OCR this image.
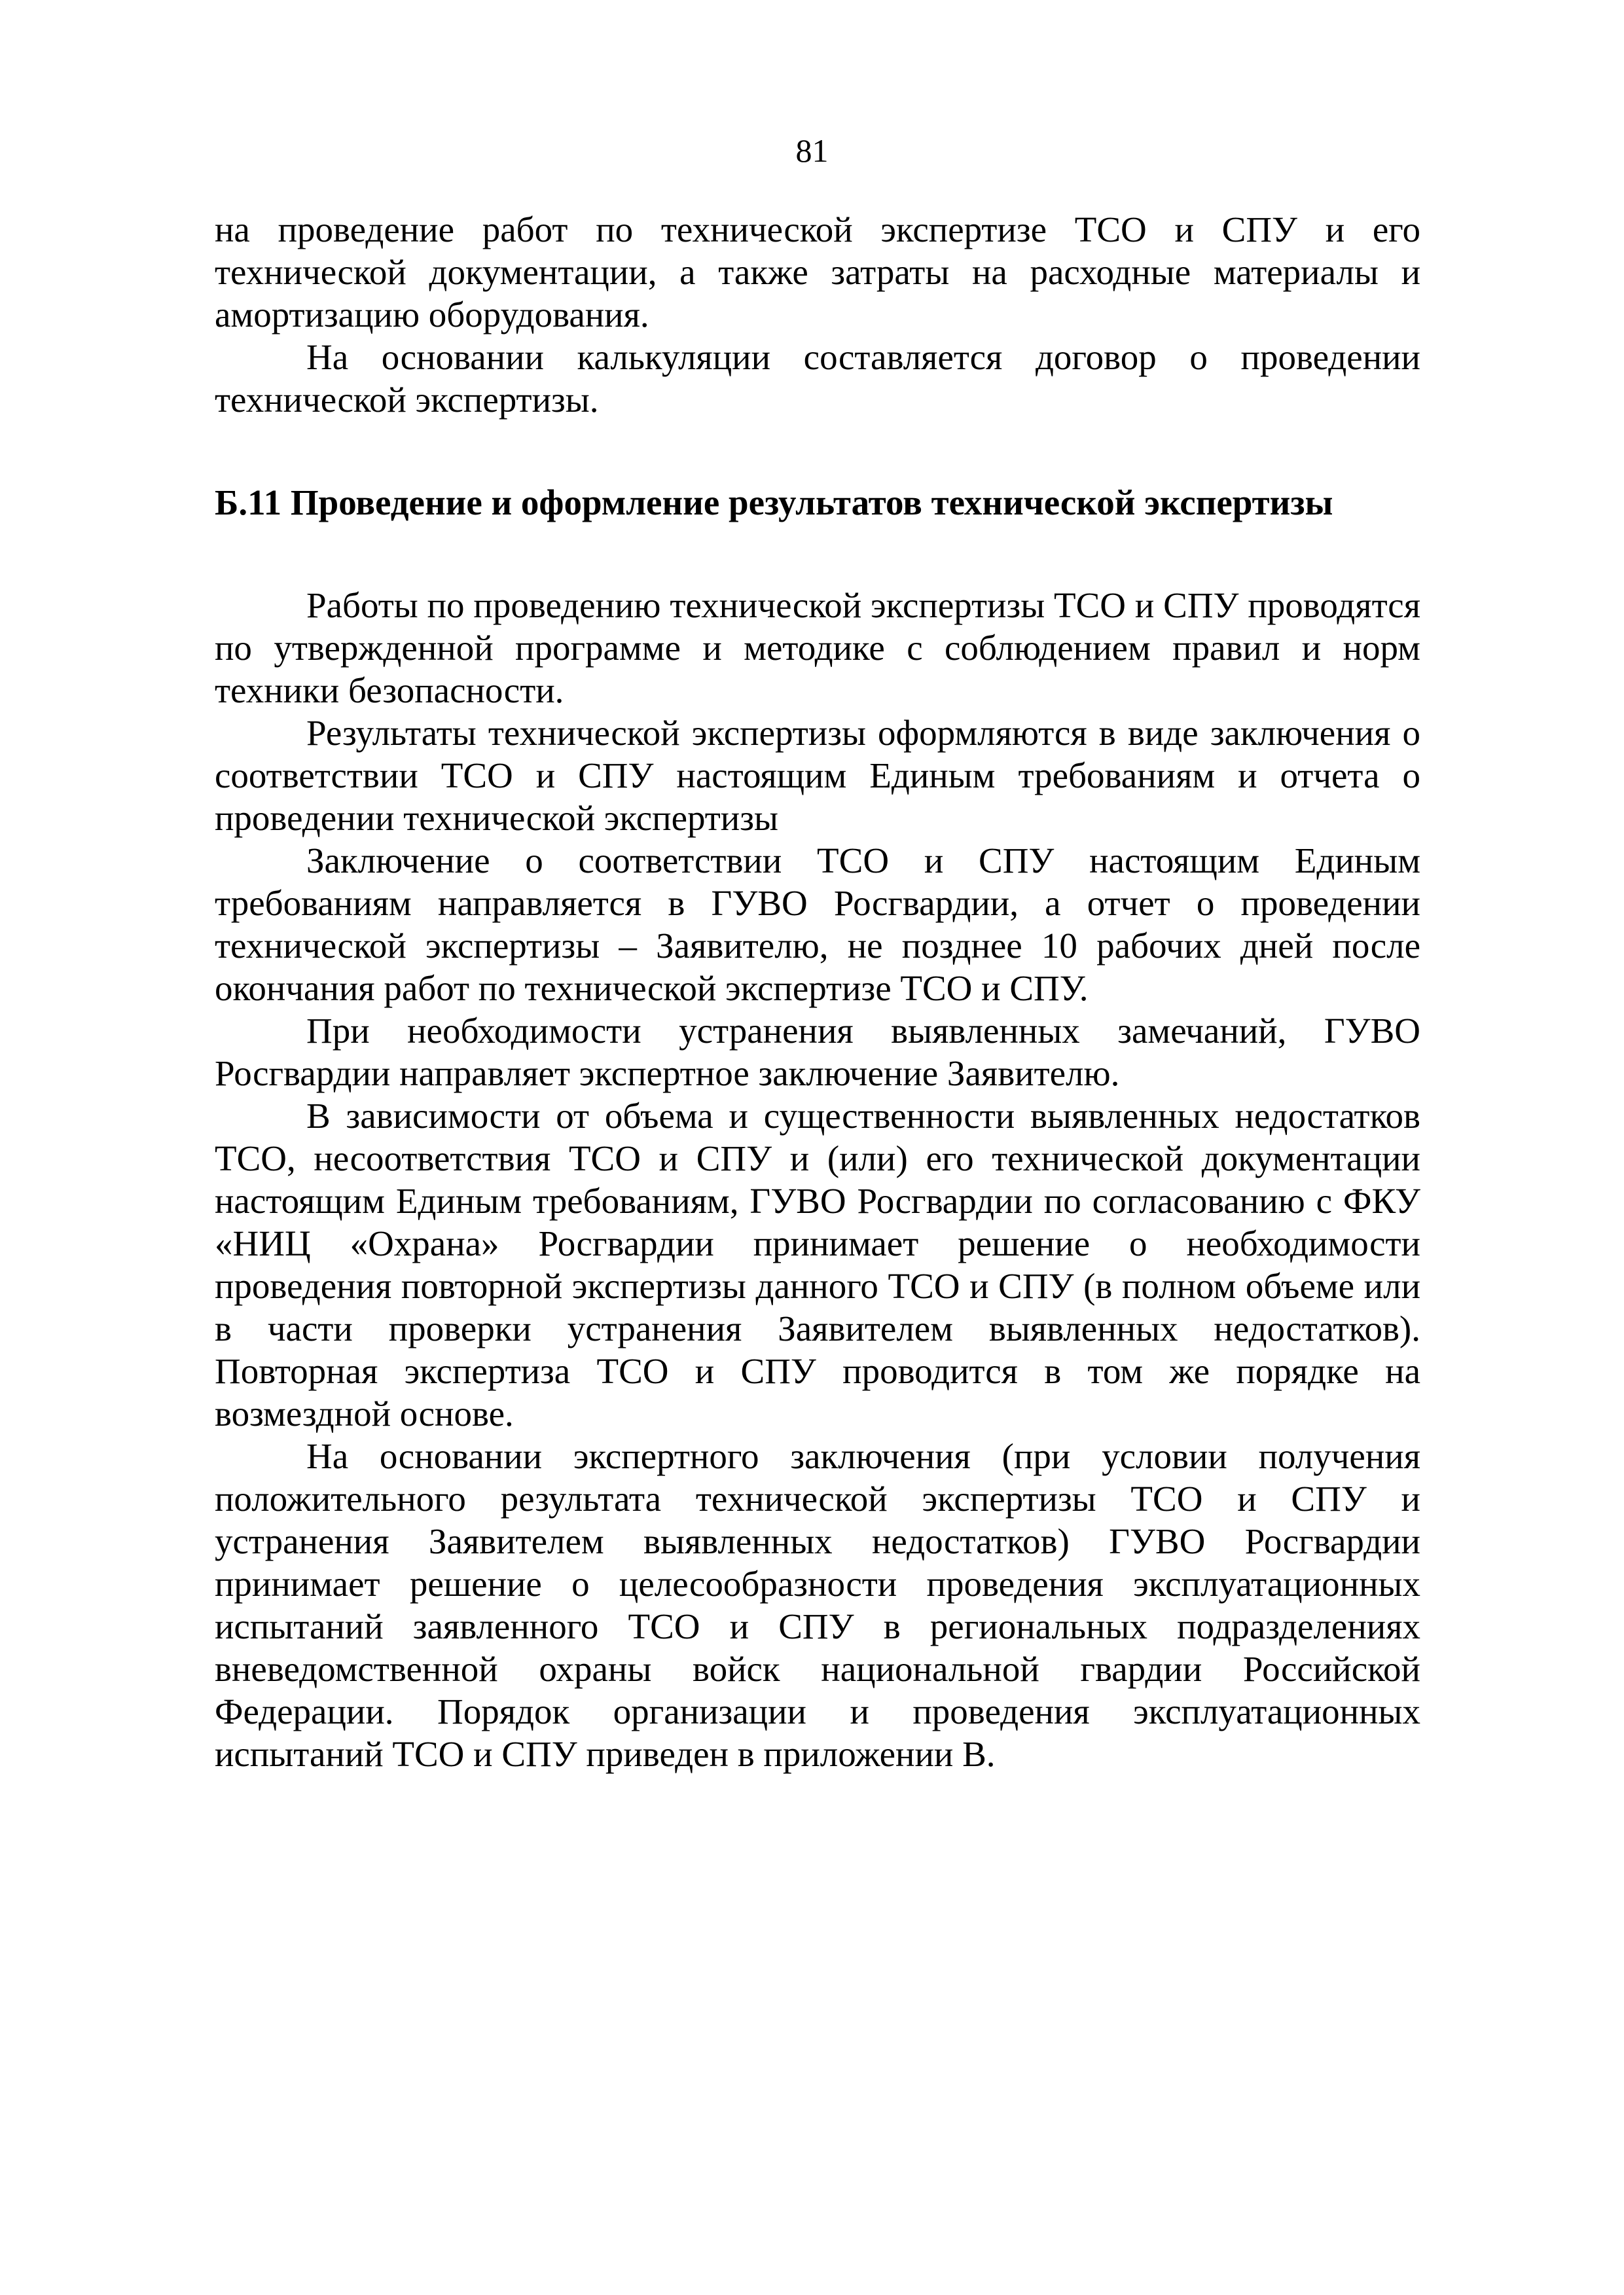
81

на проведение работ по технической экспертизе ТСО и СПУ и его технической документации, а также затраты на расходные материалы и амортизацию оборудования.

На основании калькуляции составляется договор о проведении технической экспертизы.

Б.11 Проведение и оформление результатов технической экспертизы

Работы по проведению технической экспертизы ТСО и СПУ проводятся по утвержденной программе и методике с соблюдением правил и норм техники безопасности.

Результаты технической экспертизы оформляются в виде заключения о соответствии ТСО и СПУ настоящим Единым требованиям и отчета о проведении технической экспертизы

Заключение о соответствии ТСО и СПУ настоящим Единым требованиям направляется в ГУВО Росгвардии, а отчет о проведении технической экспертизы – Заявителю, не позднее 10 рабочих дней после окончания работ по технической экспертизе ТСО и СПУ.

При необходимости устранения выявленных замечаний, ГУВО Росгвардии направляет экспертное заключение Заявителю.

В зависимости от объема и существенности выявленных недостатков ТСО, несоответствия ТСО и СПУ и (или) его технической документации настоящим Единым требованиям, ГУВО Росгвардии по согласованию с ФКУ «НИЦ «Охрана» Росгвардии принимает решение о необходимости проведения повторной экспертизы данного ТСО и СПУ (в полном объеме или в части проверки устранения Заявителем выявленных недостатков). Повторная экспертиза ТСО и СПУ проводится в том же порядке на возмездной основе.

На основании экспертного заключения (при условии получения положительного результата технической экспертизы ТСО и СПУ и устранения Заявителем выявленных недостатков) ГУВО Росгвардии принимает решение о целесообразности проведения эксплуатационных испытаний заявленного ТСО и СПУ в региональных подразделениях вневедомственной охраны войск национальной гвардии Российской Федерации. Порядок организации и проведения эксплуатационных испытаний ТСО и СПУ приведен в приложении В.
